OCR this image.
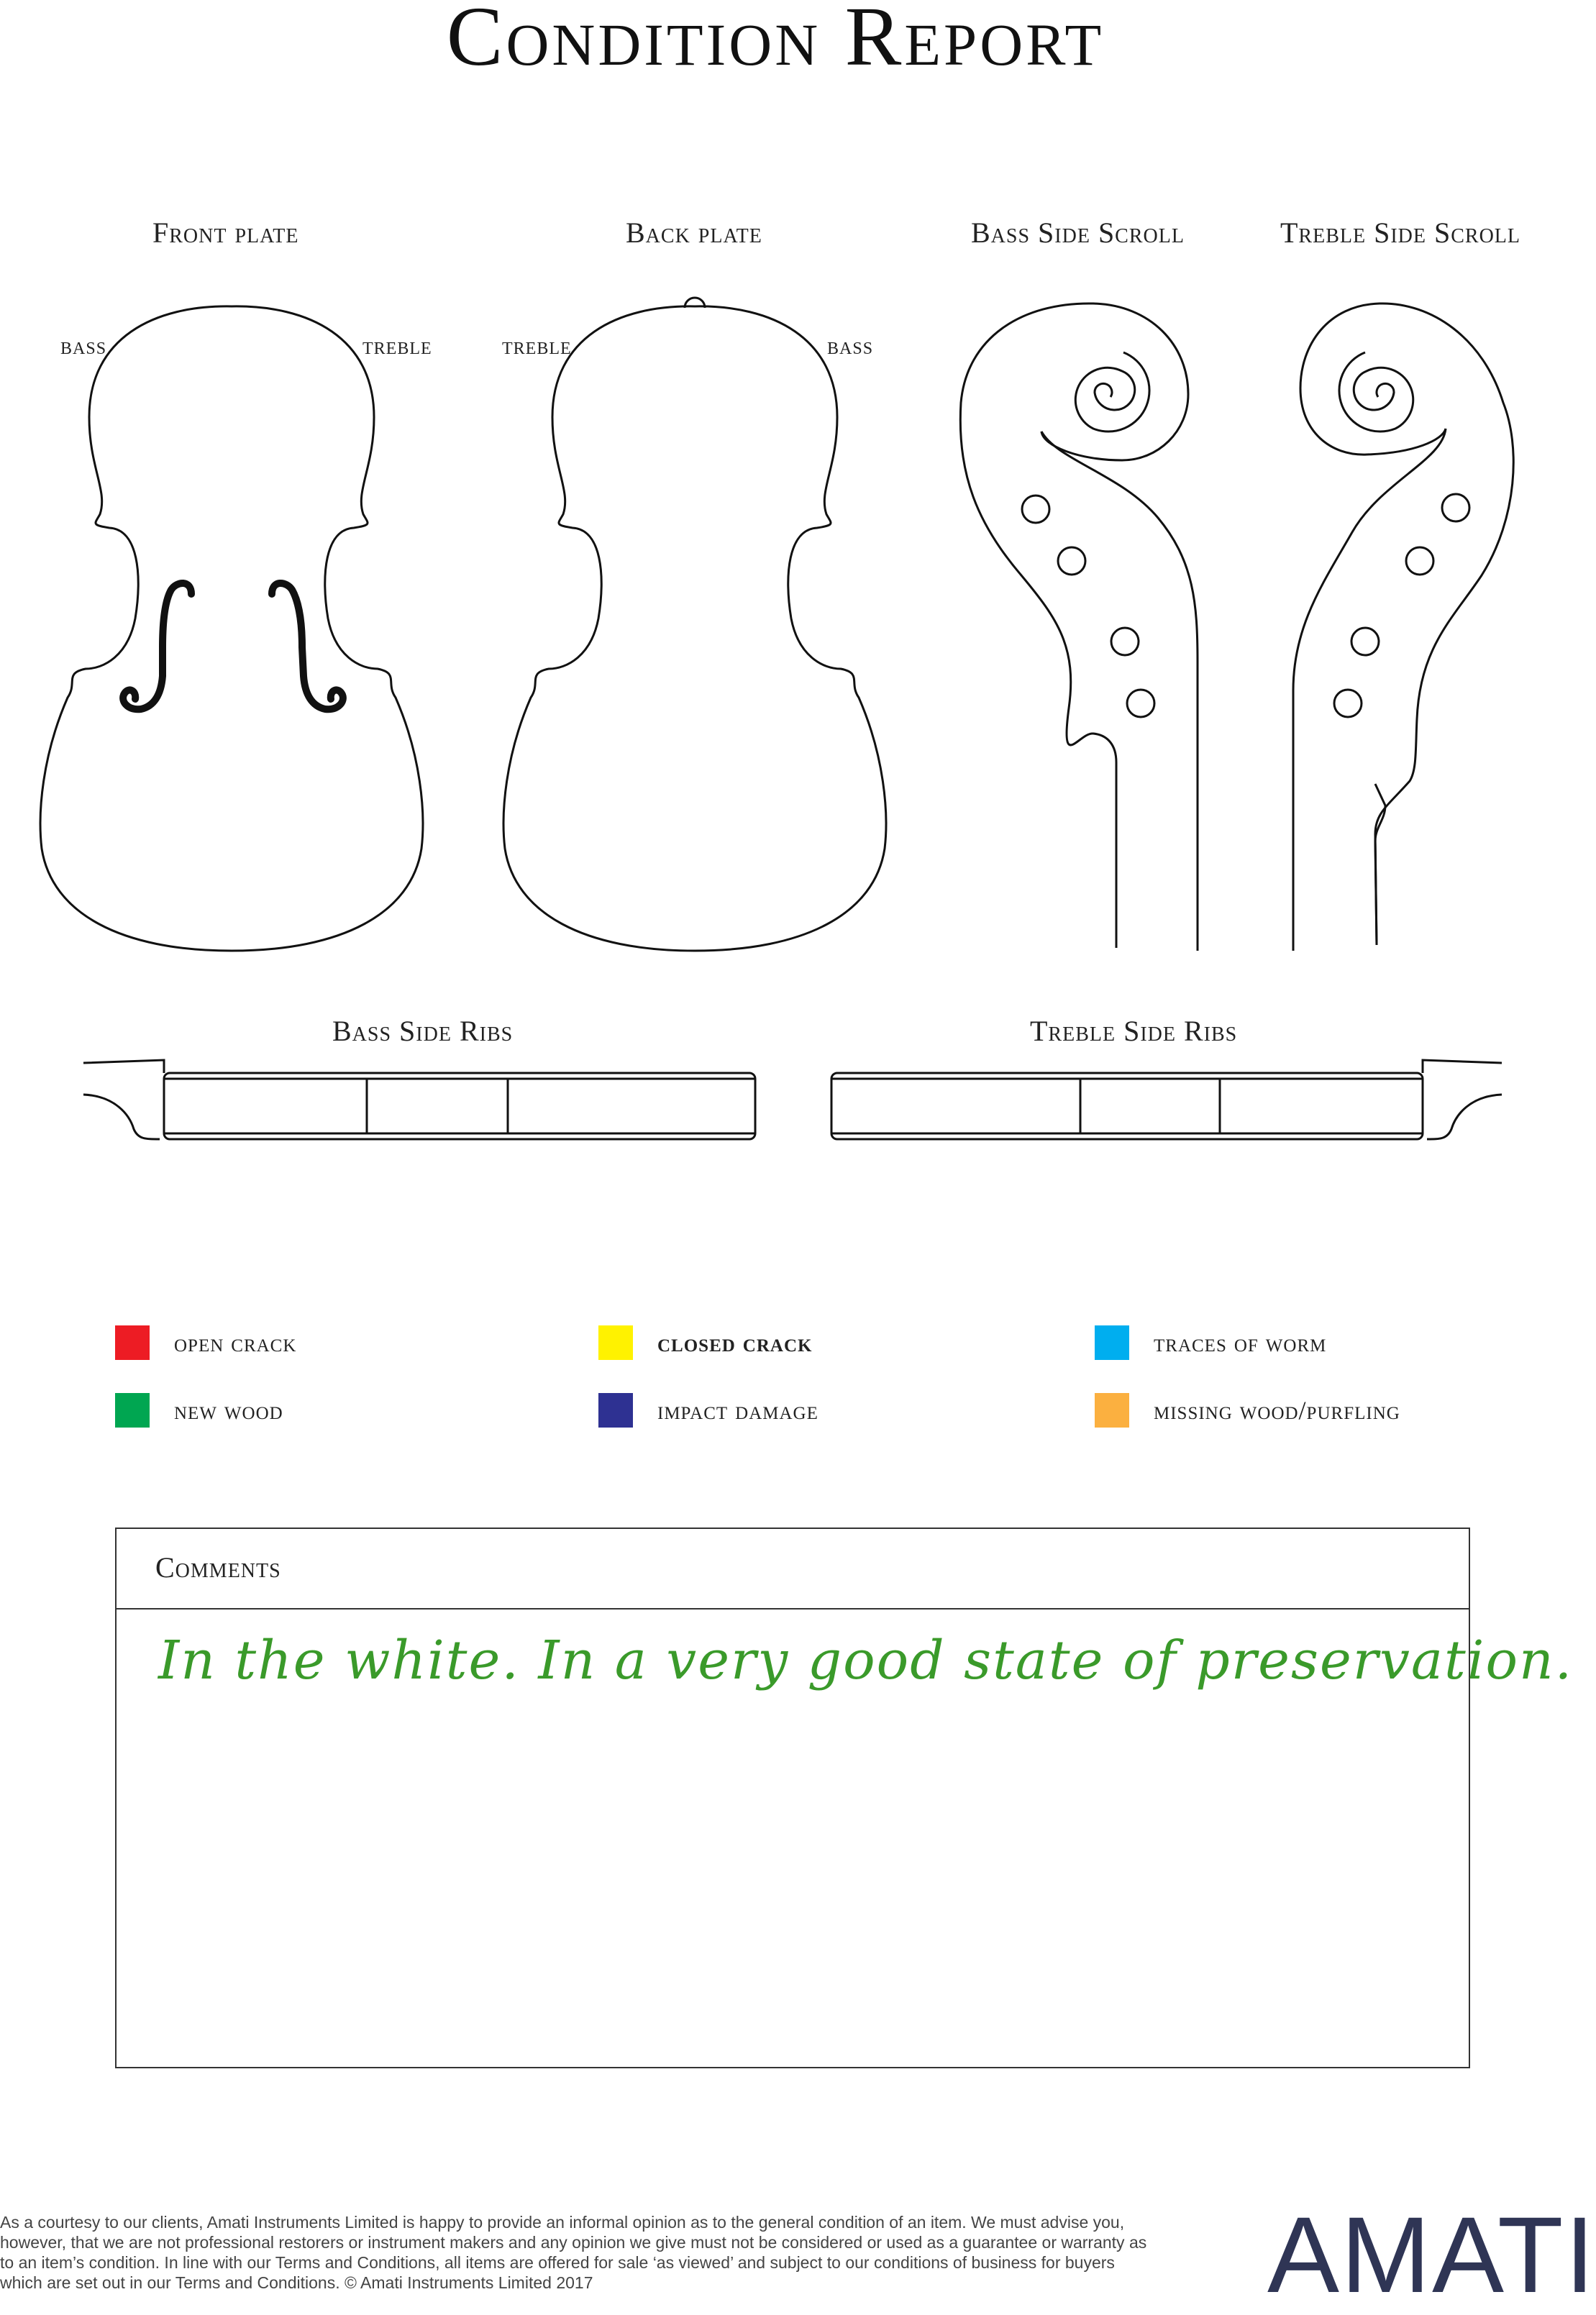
Condition Report
Front plate	Back plate	Bass Side Scroll	Treble Side Scroll
BASS	TREBLE	TREBLE	BASS
Bass Side Ribs	Treble Side Ribs
open crack	closed crack	traces of worm
new wood	impact damage	missing wood/purfling
Comments
In the white. In a very good state of preservation.
As a courtesy to our clients, Amati Instruments Limited is happy to provide an informal opinion as to the general condition of an item. We must advise you, however, that we are not professional restorers or instrument makers and any opinion we give must not be considered or used as a guarantee or warranty as to an item’s condition. In line with our Terms and Conditions, all items are offered for sale ‘as viewed’ and subject to our conditions of business for buyers which are set out in our Terms and Conditions. © Amati Instruments Limited 2017	AMATI
